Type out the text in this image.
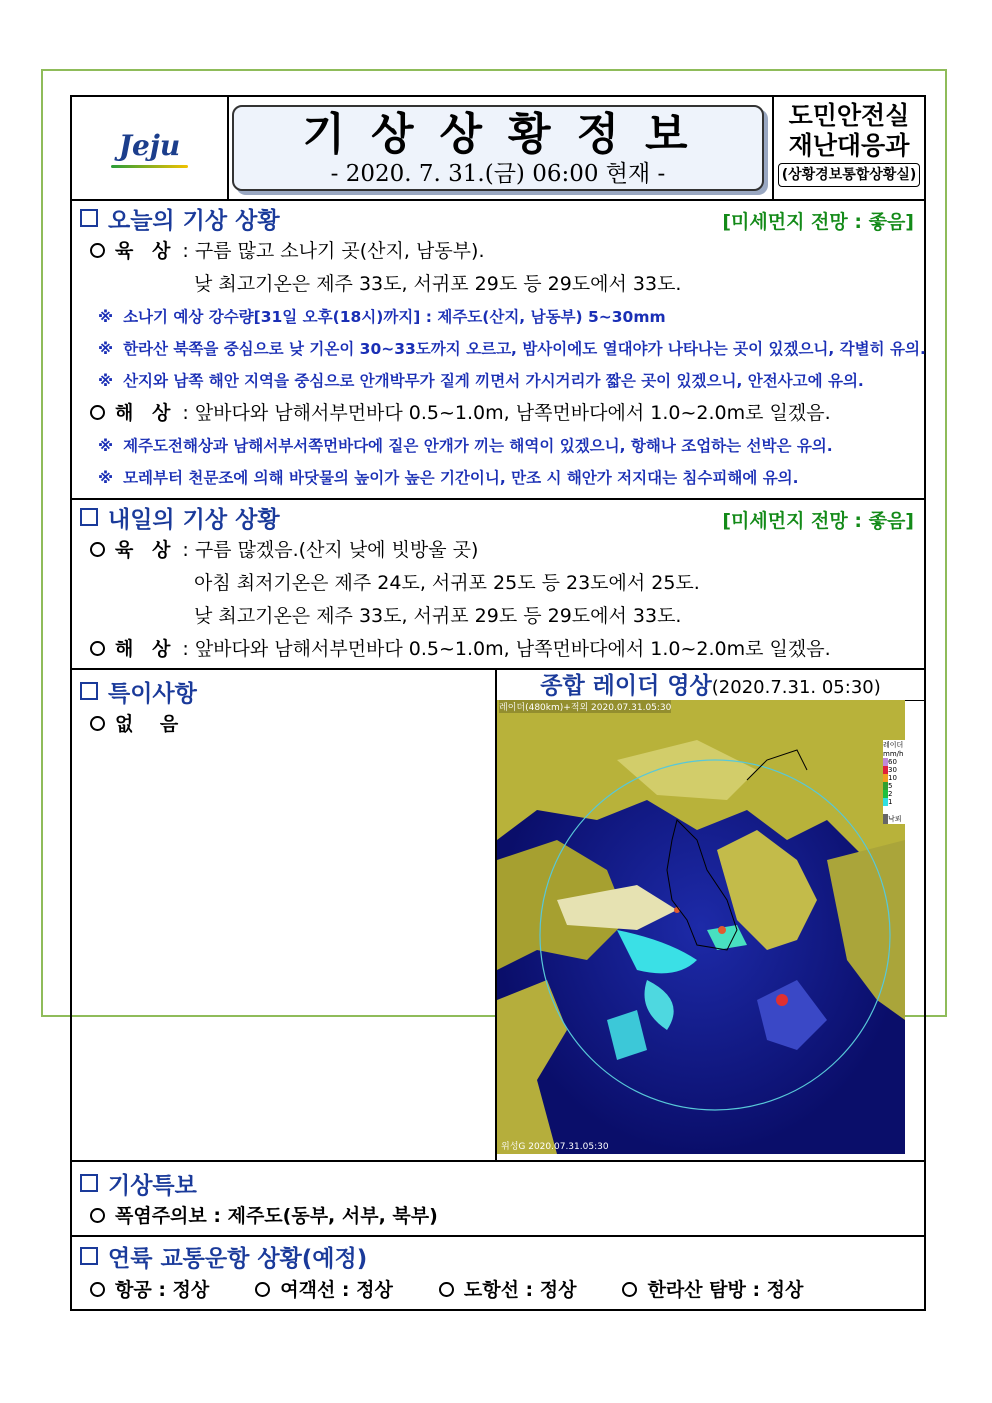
Jeju	기상상황정보
- 2020. 7. 31.(금) 06:00 현재 -
도민안전실
재난대응과
(상황경보통합상황실)
오늘의 기상 상황	[미세먼지 전망 : 좋음]
육 상 : 구름 많고 소나기 곳(산지, 남동부).
낮 최고기온은 제주 33도, 서귀포 29도 등 29도에서 33도.
※ 소나기 예상 강수량[31일 오후(18시)까지] : 제주도(산지, 남동부) 5~30mm
※ 한라산 북쪽을 중심으로 낮 기온이 30~33도까지 오르고, 밤사이에도 열대야가 나타나는 곳이 있겠으니, 각별히 유의.
※ 산지와 남쪽 해안 지역을 중심으로 안개박무가 짙게 끼면서 가시거리가 짧은 곳이 있겠으니, 안전사고에 유의.
해 상 : 앞바다와 남해서부먼바다 0.5~1.0m, 남쪽먼바다에서 1.0~2.0m로 일겠음.
※ 제주도전해상과 남해서부서쪽먼바다에 짙은 안개가 끼는 해역이 있겠으니, 항해나 조업하는 선박은 유의.
※ 모레부터 천문조에 의해 바닷물의 높이가 높은 기간이니, 만조 시 해안가 저지대는 침수피해에 유의.
내일의 기상 상황	[미세먼지 전망 : 좋음]
육 상 : 구름 많겠음.(산지 낮에 빗방울 곳)
아침 최저기온은 제주 24도, 서귀포 25도 등 23도에서 25도.
낮 최고기온은 제주 33도, 서귀포 29도 등 29도에서 33도.
해 상 : 앞바다와 남해서부먼바다 0.5~1.0m, 남쪽먼바다에서 1.0~2.0m로 일겠음.
특이사항
없    음
종합 레이더 영상(2020.7.31. 05:30)
레이더(480km)+적외 2020.07.31.05:30
위성G 2020.07.31.05:30
레이더
mm/h
60
30
10
5
2
1
낙뢰
기상특보
폭염주의보 : 제주도(동부, 서부, 북부)
연륙 교통운항 상황(예정)
항공 : 정상	여객선 : 정상	도항선 : 정상	한라산 탐방 : 정상
